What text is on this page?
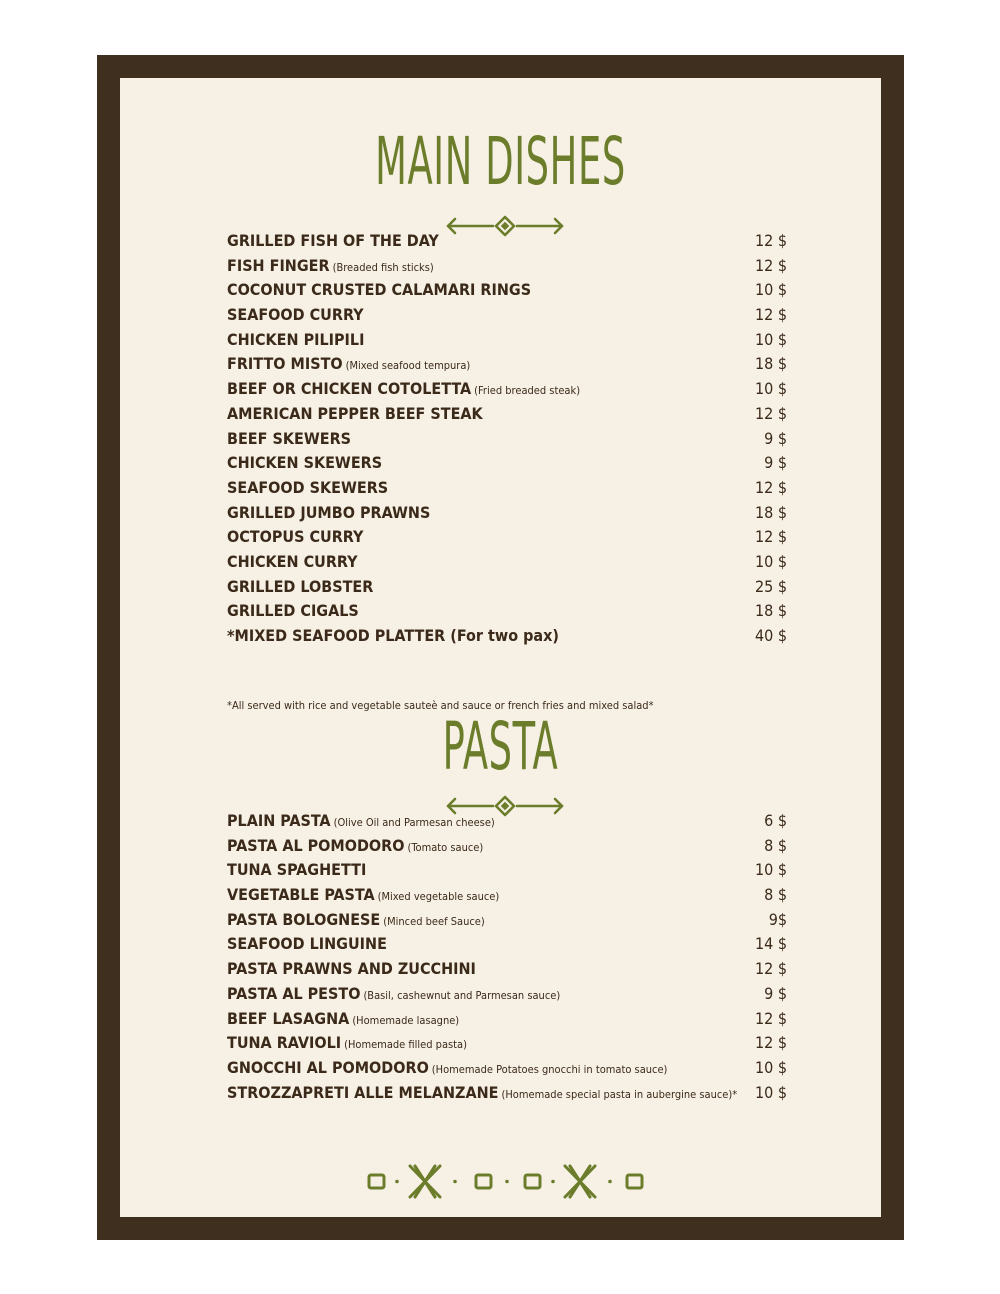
MAIN DISHES
GRILLED FISH OF THE DAY	12 $
FISH FINGER (Breaded fish sticks)	12 $
COCONUT CRUSTED CALAMARI RINGS	10 $
SEAFOOD CURRY	12 $
CHICKEN PILIPILI	10 $
FRITTO MISTO (Mixed seafood tempura)	18 $
BEEF OR CHICKEN COTOLETTA (Fried breaded steak)	10 $
AMERICAN PEPPER BEEF STEAK	12 $
BEEF SKEWERS	9 $
CHICKEN SKEWERS	9 $
SEAFOOD SKEWERS	12 $
GRILLED JUMBO PRAWNS	18 $
OCTOPUS CURRY	12 $
CHICKEN CURRY	10 $
GRILLED LOBSTER	25 $
GRILLED CIGALS	18 $
*MIXED SEAFOOD PLATTER (For two pax)	40 $

*All served with rice and vegetable sauteè and sauce or french fries and mixed salad*

PASTA
PLAIN PASTA (Olive Oil and Parmesan cheese)	6 $
PASTA AL POMODORO (Tomato sauce)	8 $
TUNA SPAGHETTI	10 $
VEGETABLE PASTA (Mixed vegetable sauce)	8 $
PASTA BOLOGNESE (Minced beef Sauce)	9$
SEAFOOD LINGUINE	14 $
PASTA PRAWNS AND ZUCCHINI	12 $
PASTA AL PESTO (Basil, cashewnut and Parmesan sauce)	9 $
BEEF LASAGNA (Homemade lasagne)	12 $
TUNA RAVIOLI (Homemade filled pasta)	12 $
GNOCCHI AL POMODORO (Homemade Potatoes gnocchi in tomato sauce)	10 $
STROZZAPRETI ALLE MELANZANE (Homemade special pasta in aubergine sauce)* 10 $
